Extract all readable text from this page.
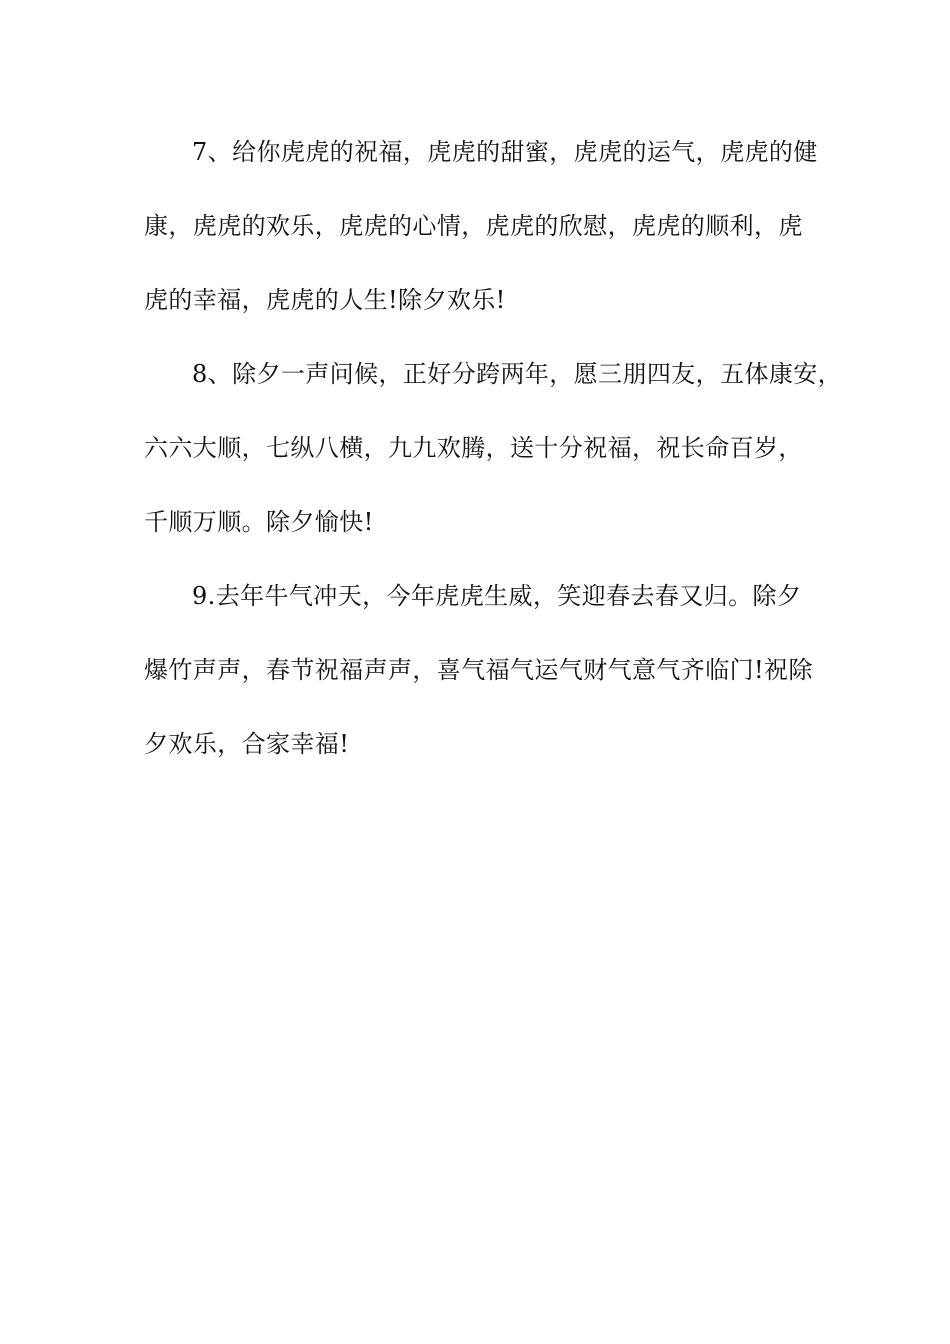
7、给你虎虎的祝福，虎虎的甜蜜，虎虎的运气，虎虎的健
康，虎虎的欢乐，虎虎的心情，虎虎的欣慰，虎虎的顺利，虎
虎的幸福，虎虎的人生!除夕欢乐!
8、除夕一声问候，正好分跨两年，愿三朋四友，五体康安，
六六大顺，七纵八横，九九欢腾，送十分祝福，祝长命百岁，
千顺万顺。除夕愉快!
9.去年牛气冲天，今年虎虎生威，笑迎春去春又归。除夕
爆竹声声，春节祝福声声，喜气福气运气财气意气齐临门!祝除
夕欢乐，合家幸福!
